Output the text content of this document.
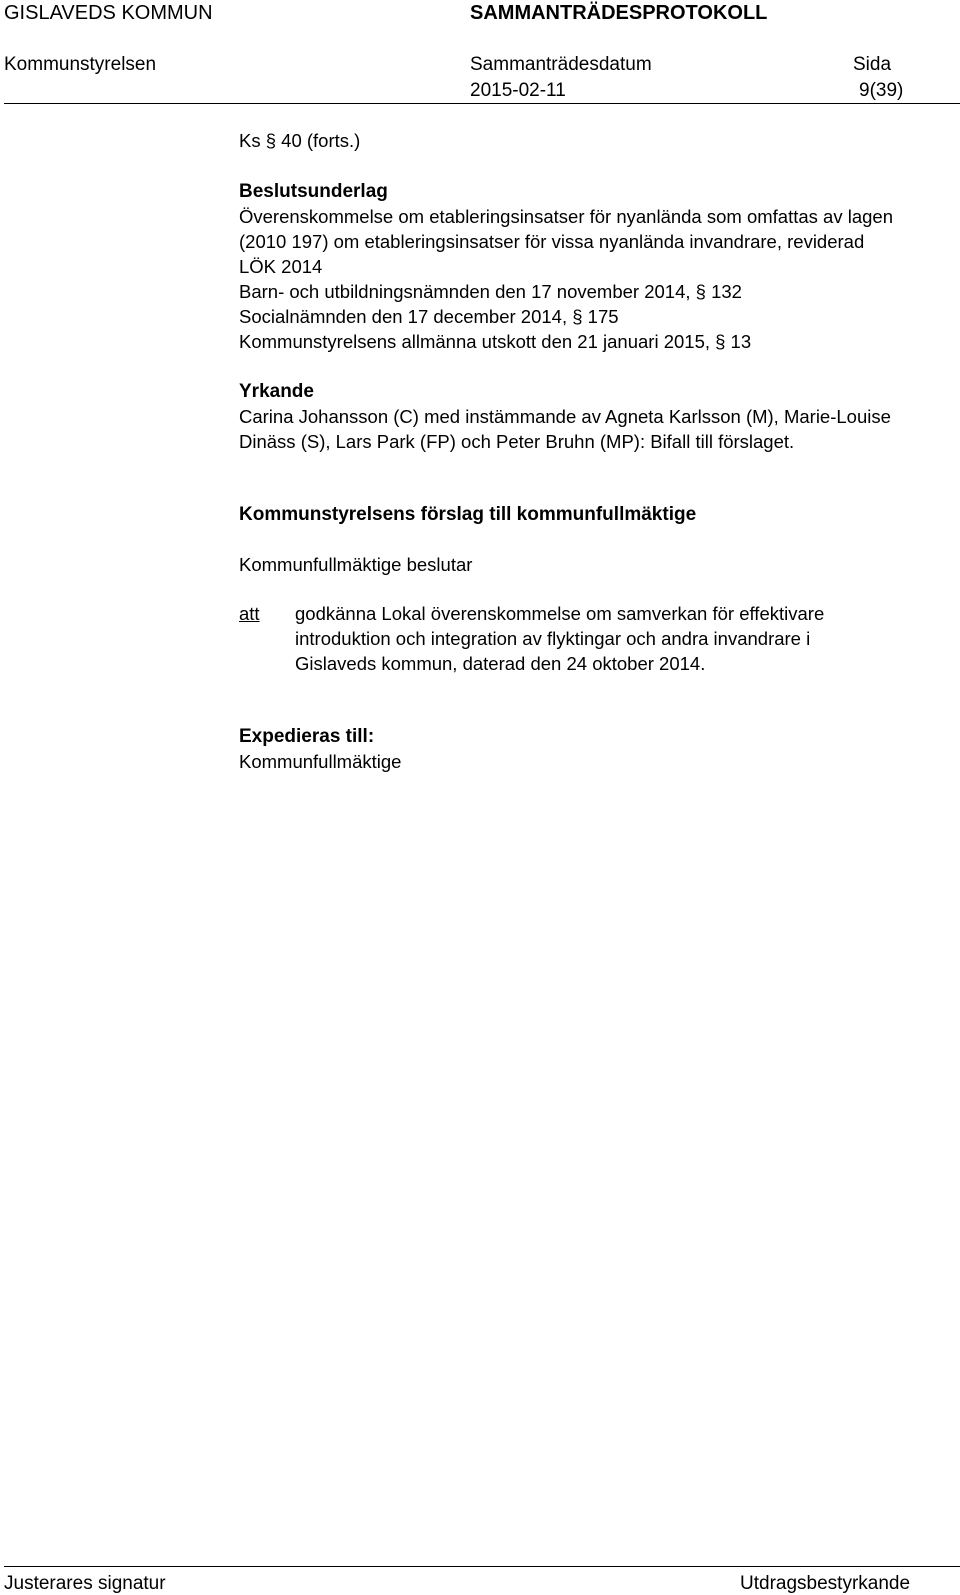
GISLAVEDS KOMMUN	SAMMANTRÄDESPROTOKOLL
Kommunstyrelsen	Sammanträdesdatum
2015-02-11
Sida
9(39)

Ks § 40 (forts.)

Beslutsunderlag

Överenskommelse om etableringsinsatser för nyanlända som omfattas av lagen

(2010 197) om etableringsinsatser för vissa nyanlända invandrare, reviderad

LÖK 2014

Barn- och utbildningsnämnden den 17 november 2014, § 132

Socialnämnden den 17 december 2014, § 175

Kommunstyrelsens allmänna utskott den 21 januari 2015, § 13

Yrkande

Carina Johansson (C) med instämmande av Agneta Karlsson (M), Marie-Louise

Dinäss (S), Lars Park (FP) och Peter Bruhn (MP): Bifall till förslaget.

Kommunstyrelsens förslag till kommunfullmäktige

Kommunfullmäktige beslutar

att	godkänna Lokal överenskommelse om samverkan för effektivare

introduktion och integration av flyktingar och andra invandrare i

Gislaveds kommun, daterad den 24 oktober 2014.

Expedieras till:

Kommunfullmäktige

Justerares signatur	Utdragsbestyrkande
